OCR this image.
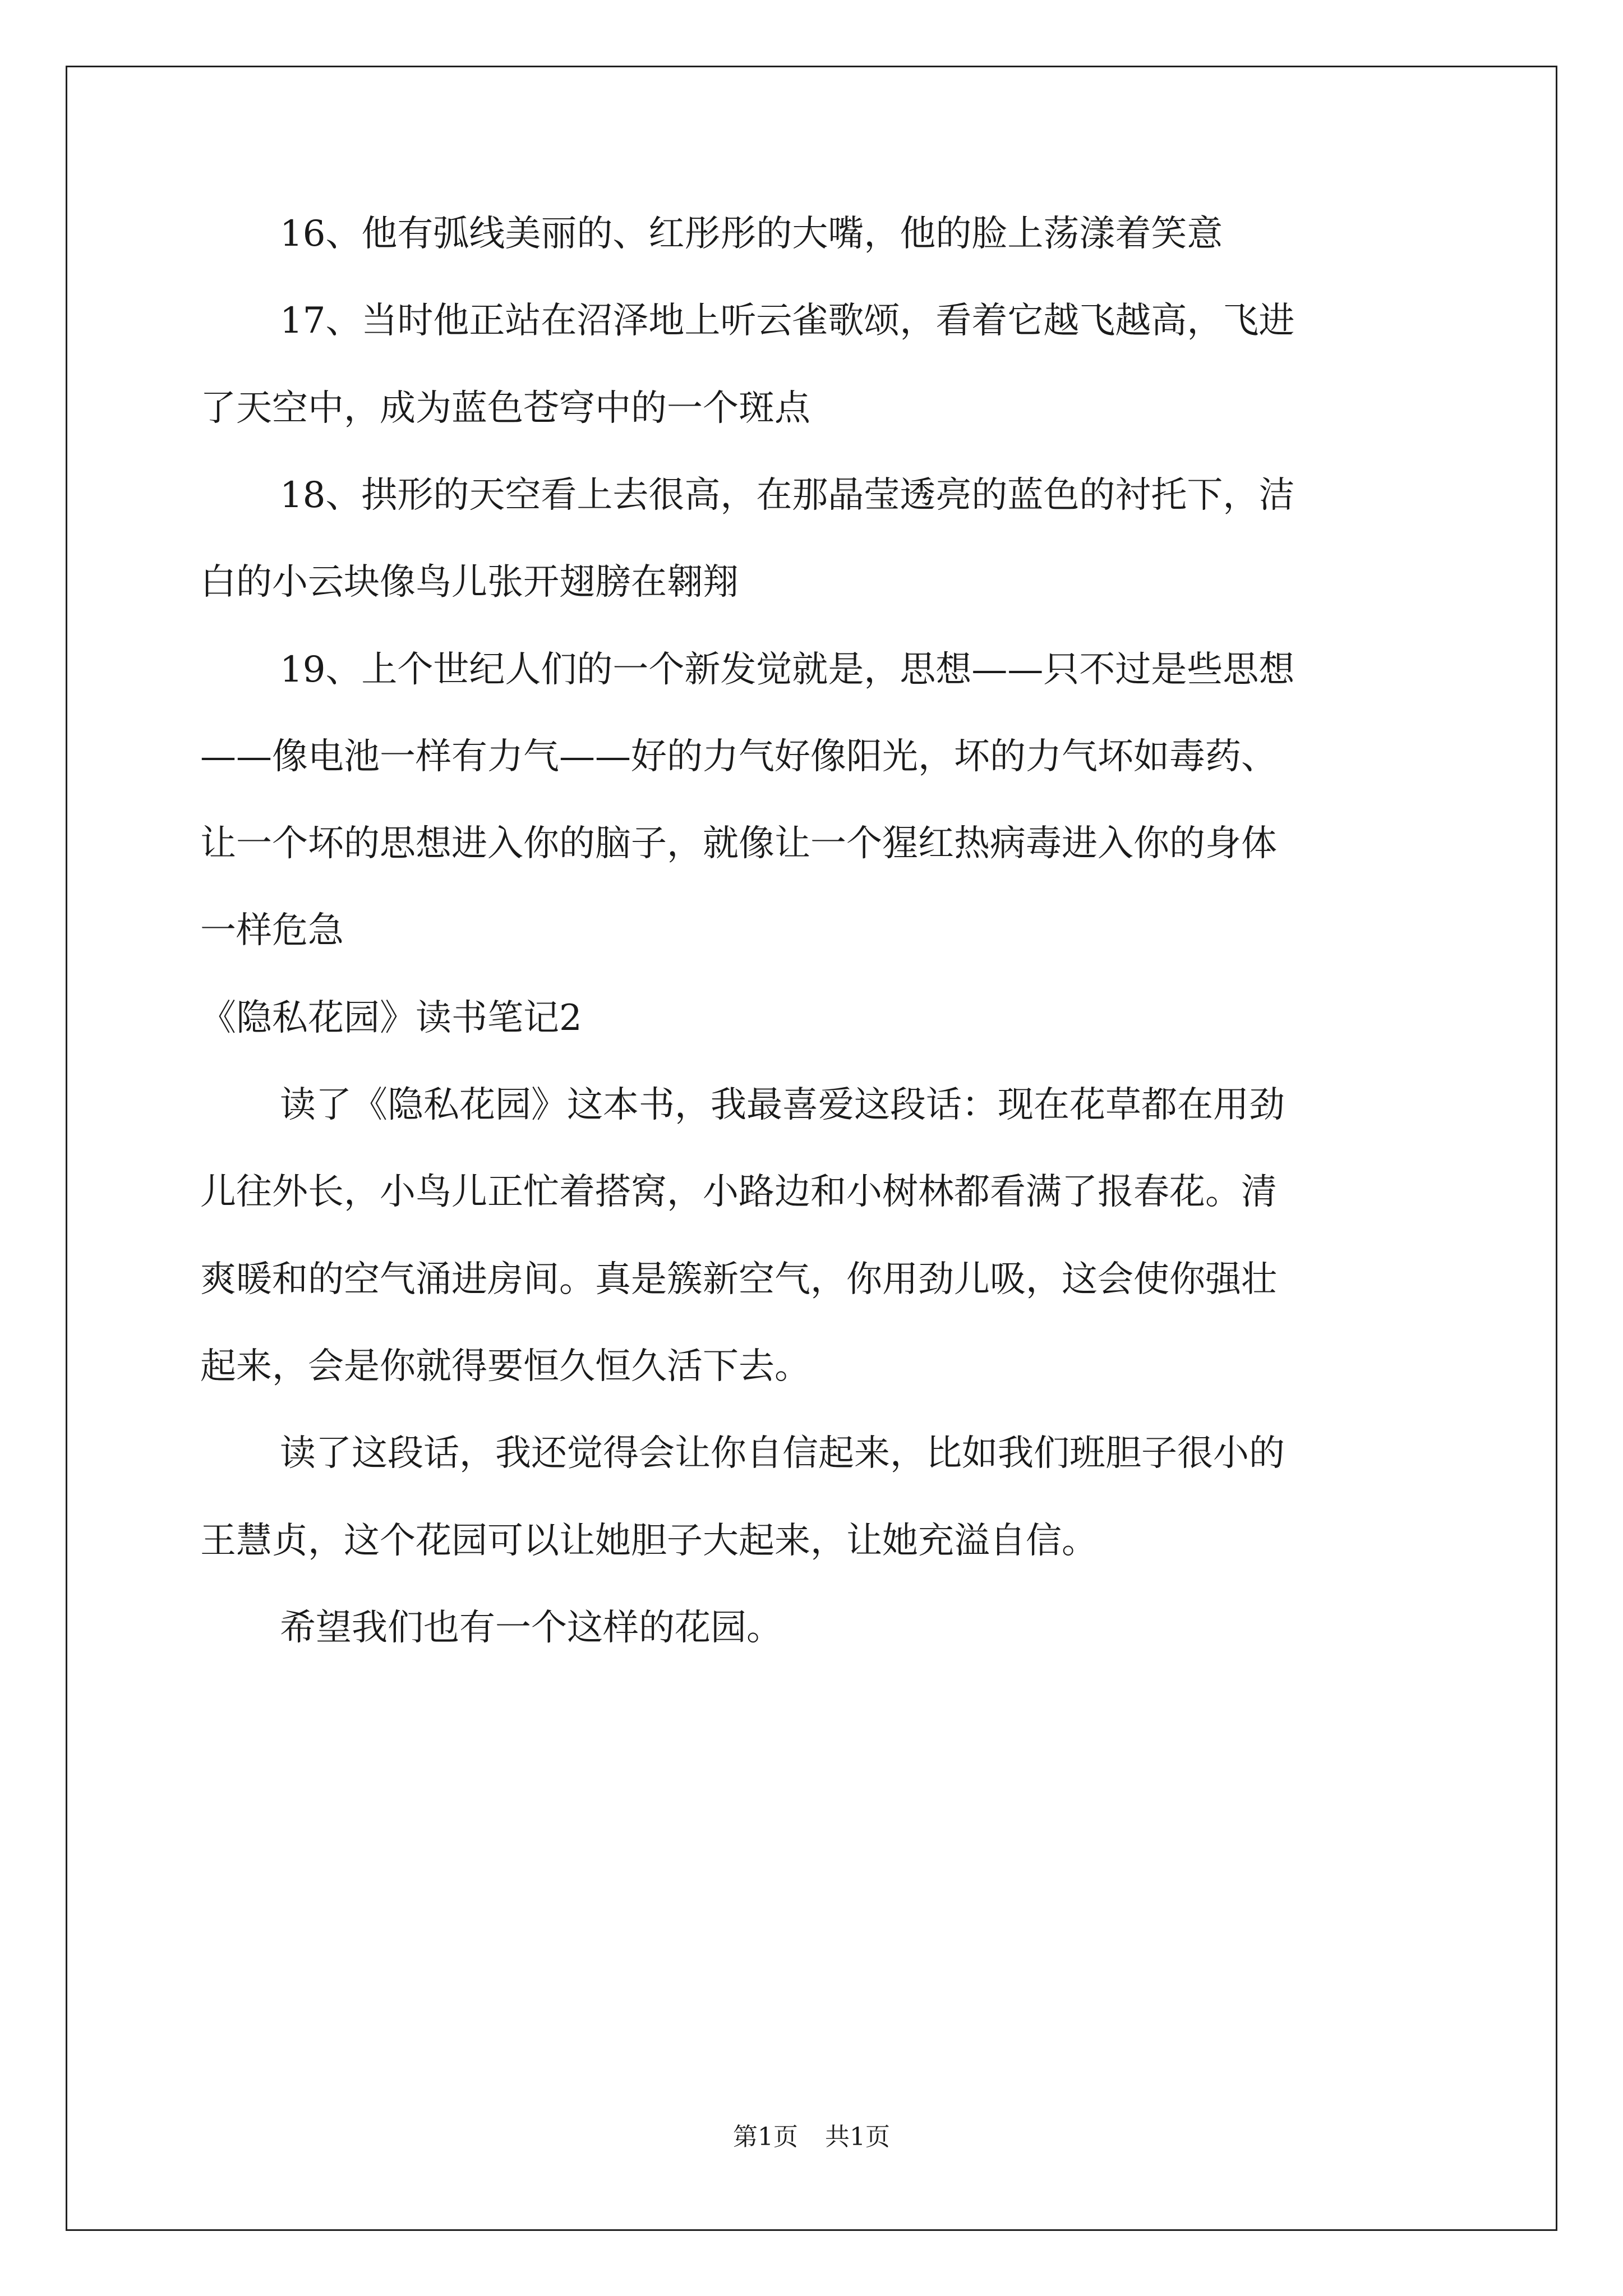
16、他有弧线美丽的、红彤彤的大嘴，他的脸上荡漾着笑意
17、当时他正站在沼泽地上听云雀歌颂，看着它越飞越高，飞进
了天空中，成为蓝色苍穹中的一个斑点
18、拱形的天空看上去很高，在那晶莹透亮的蓝色的衬托下，洁
白的小云块像鸟儿张开翅膀在翱翔
19、上个世纪人们的一个新发觉就是，思想——只不过是些思想
——像电池一样有力气——好的力气好像阳光，坏的力气坏如毒药、
让一个坏的思想进入你的脑子，就像让一个猩红热病毒进入你的身体
一样危急
《隐私花园》读书笔记2
读了《隐私花园》这本书，我最喜爱这段话：现在花草都在用劲
儿往外长，小鸟儿正忙着搭窝，小路边和小树林都看满了报春花。清
爽暖和的空气涌进房间。真是簇新空气，你用劲儿吸，这会使你强壮
起来，会是你就得要恒久恒久活下去。
读了这段话，我还觉得会让你自信起来，比如我们班胆子很小的
王慧贞，这个花园可以让她胆子大起来，让她充溢自信。
希望我们也有一个这样的花园。
第1页 共1页
